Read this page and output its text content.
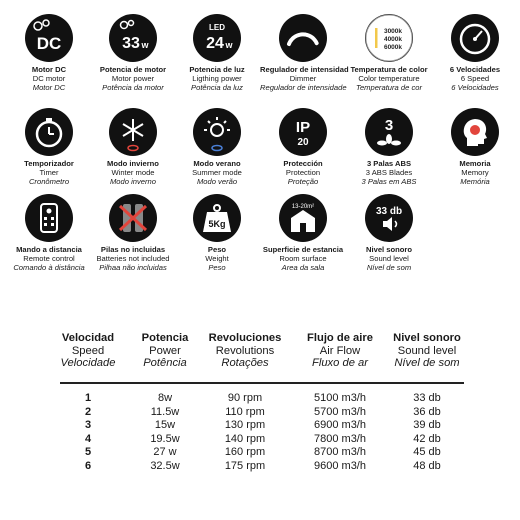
DC
Motor DC
DC motor
Motor DC
33 w
Potencia de motor
Motor power
Potência da motor
LED
24 w
Potencia de luz
Ligthing power
Potência da luz
Regulador de intensidad
Dimmer
Regulador de intensidade
3000k
4000k
6000k
Temperatura de color
Color temperature
Temperatura de cor
6 Velocidades
6 Speed
6 Velocidades
Temporizador
Timer
Cronômetro
Modo invierno
Winter mode
Modo inverno
Modo verano
Summer mode
Modo verão
IP
20
Protección
Protection
Proteção
3
3 Palas ABS
3 ABS Blades
3 Palas em ABS
Memoria
Memory
Memória
Mando a distancia
Remote control
Comando à distância
Pilas no incluidas
Batteries not included
Pilhaa não incluidas
5Kg
Peso
Weight
Peso
13-20m²
Superficie de estancia
Room surface
Area da sala
33 db
Nivel sonoro
Sound level
Nível de som
Velocidad
Speed
Velocidade
Potencia
Power
Potência
Revoluciones
Revolutions
Rotações
Flujo de aire
Air Flow
Fluxo de ar
Nivel sonoro
Sound level
Nível de som
1	8w	90 rpm	5100 m3/h	33 db
2	11.5w	110 rpm	5700 m3/h	36 db
3	15w	130 rpm	6900 m3/h	39 db
4	19.5w	140 rpm	7800 m3/h	42 db
5	27 w	160 rpm	8700 m3/h	45 db
6	32.5w	175 rpm	9600 m3/h	48 db
